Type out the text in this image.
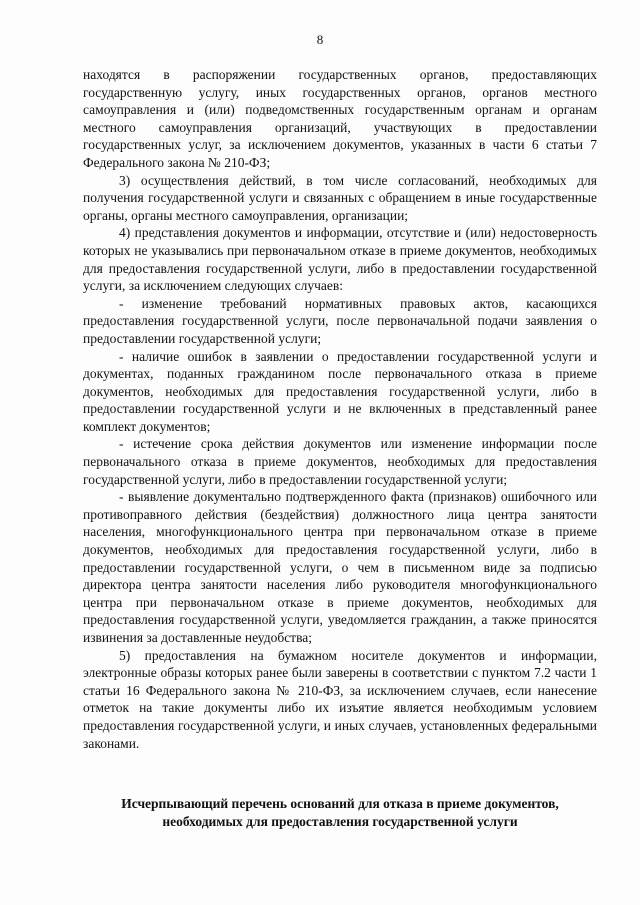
8

находятся в распоряжении государственных органов, предоставляющих государственную услугу, иных государственных органов, органов местного самоуправления и (или) подведомственных государственным органам и органам местного самоуправления организаций, участвующих в предоставлении государственных услуг, за исключением документов, указанных в части 6 статьи 7 Федерального закона № 210-ФЗ;

3) осуществления действий, в том числе согласований, необходимых для получения государственной услуги и связанных с обращением в иные государственные органы, органы местного самоуправления, организации;

4) представления документов и информации, отсутствие и (или) недостоверность которых не указывались при первоначальном отказе в приеме документов, необходимых для предоставления государственной услуги, либо в предоставлении государственной услуги, за исключением следующих случаев:

- изменение требований нормативных правовых актов, касающихся предоставления государственной услуги, после первоначальной подачи заявления о предоставлении государственной услуги;

- наличие ошибок в заявлении о предоставлении государственной услуги и документах, поданных гражданином после первоначального отказа в приеме документов, необходимых для предоставления государственной услуги, либо в предоставлении государственной услуги и не включенных в представленный ранее комплект документов;

- истечение срока действия документов или изменение информации после первоначального отказа в приеме документов, необходимых для предоставления государственной услуги, либо в предоставлении государственной услуги;

- выявление документально подтвержденного факта (признаков) ошибочного или противоправного действия (бездействия) должностного лица центра занятости населения, многофункционального центра при первоначальном отказе в приеме документов, необходимых для предоставления государственной услуги, либо в предоставлении государственной услуги, о чем в письменном виде за подписью директора центра занятости населения либо руководителя многофункционального центра при первоначальном отказе в приеме документов, необходимых для предоставления государственной услуги, уведомляется гражданин, а также приносятся извинения за доставленные неудобства;

5) предоставления на бумажном носителе документов и информации, электронные образы которых ранее были заверены в соответствии с пунктом 7.2 части 1 статьи 16 Федерального закона № 210-ФЗ, за исключением случаев, если нанесение отметок на такие документы либо их изъятие является необходимым условием предоставления государственной услуги, и иных случаев, установленных федеральными законами.

Исчерпывающий перечень оснований для отказа в приеме документов,
необходимых для предоставления государственной услуги
